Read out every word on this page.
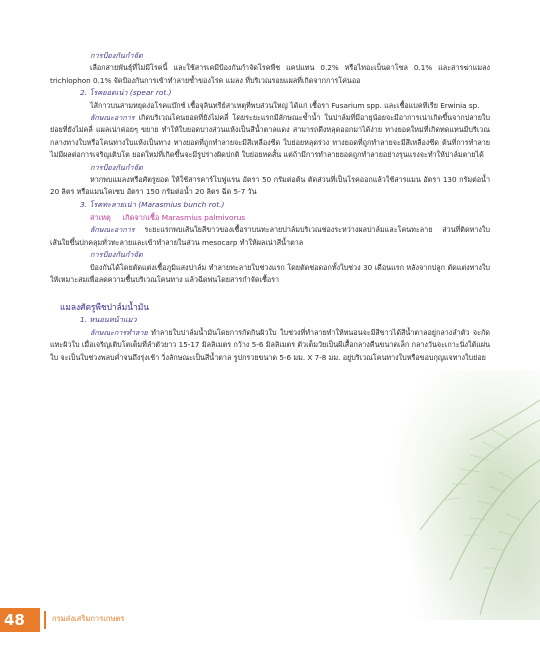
การป้องกันกำจัด

เลือกสายพันธุ์ที่ไม่มีโรคนี้ และใช้สารเคมีป้องกันกำจัดโรคพืช แคปแทน 0.2% หรือไทอะเบ็นดาโซล 0.1% และสารฆ่าแมลง trichlophon 0.1% จัดป้องกันการเข้าทำลายซ้ำของโรค แมลง ที่บริเวณรอยแผลที่เกิดจากการโค่นออ

2. โรคยอดเน่า (spear rot.)

ไส้กาวบนสามหยุดง่อโรคแบ๊กซ์ เชื้อจุลินทรีย์สาเหตุที่พบส่วนใหญ่ ได้แก่ เชื้อรา Fusarium spp. และเชื้อแบคทีเรีย Erwinia sp.

ลักษณะอาการ เกิดบริเวณโคนยอดที่ยังไม่คลี่ โดยระยะแรกมีลักษณะช้ำน้ำ ในปาล์มที่มีอายุน้อยจะมีอาการเน่าเกิดขึ้นจากปลายใบย่อยที่ยังไม่คลี่ แผลเน่าค่อยๆ ขยาย ทำให้ใบยอดบางส่วนแห้งเป็นสีน้ำตาลแดง สามารถดึงหลุดออกมาได้ง่าย ทางยอดใหม่ที่เกิดทดแทนมีบริเวณกลางทางใบหรือโคนทางใบแห้งเป็นทาง ทางยอดที่ถูกทำลายจะมีสีเหลืองซีด ใบย่อยหลุดร่วง ทางยอดที่ถูกทำลายจะมีสีเหลืองซีด ต้นที่การทำลายไม่มีผลต่อการเจริญเติบโต ยอดใหม่ที่เกิดขึ้นจะมีรูปร่างผิดปกติ ใบย่อยหดสั้น แต่ถ้ามีการทำลายยอดถูกทำลายอย่างรุนแรงจะทำให้ปาล์มตายได้

การป้องกันกำจัด

หากพบแมลงหรือศัตรูยอด ให้ใช้สารคาร์โบฟูแรน อัตรา 50 กรัมต่อต้น ตัดส่วนที่เป็นโรคออกแล้วใช้สารแมน อัตรา 130 กรัมต่อน้ำ 20 ลิตร หรือแมนโคเซบ อัตรา 150 กรัมต่อน้ำ 20 ลิตร ฉีด 5-7 วัน

3. โรคทะลายเน่า (Marasmius bunch rot.)

สาเหตุ เกิดจากเชื้อ Marasmius palmivorus

ลักษณะอาการ ระยะแรกพบเส้นใยสีขาวของเชื้อราบนทะลายปาล์มบริเวณช่องระหว่างผลปาล์มและโคนทะลาย ส่วนที่ติดทางใบ เส้นใยขึ้นปกคลุมทั่วทะลายและเข้าทำลายในส่วน mesocarp ทำให้ผลเน่าสีน้ำตาล

การป้องกันกำจัด

ป้องกันได้โดยตัดแต่งเชื้อภูมิแสงปาล์ม ทำลายทะลายใบช่วงแรก โดยตัดช่อดอกทั้งใบช่วง 30 เดือนแรก หลังจากปลูก ตัดแต่งทางใบให้เหมาะสมเพื่อลดความชื้นบริเวณโคนทาง แล้วฉีดพ่นโดยสารกำจัดเชื้อรา

แมลงศัตรูพืชปาล์มน้ำมัน

1. หนอนหน้าแมว

ลักษณะการทำลาย ทำลายใบปาล์มน้ำมันโดยการกัดกินผิวใบ ใบช่วงที่ทำลายทำให้หนอนจะมีสีขาวได้สีน้ำตาลอยู่กลางลำตัว จะกัดแทะผิวใบ เมื่อเจริญเติบโตเต็มที่ลำตัวยาว 15-17 มิลลิเมตร กว้าง 5-6 มิลลิเมตร ตัวเต็มวัยเป็นผีเสื้อกลางคืนขนาดเล็ก กลางวันจะเกาะนิ่งใต้แผ่นใบ จะเป็นใบช่วงพลบค่ำจนถึงรุ่งเช้า วิ่งลักษณะเป็นสีน้ำตาล รูปกรวยขนาด 5-6 มม. X 7-8 มม. อยู่บริเวณโคนทางใบหรือขอบกุญแจทางใบย่อย

48	กรมส่งเสริมการเกษตร
